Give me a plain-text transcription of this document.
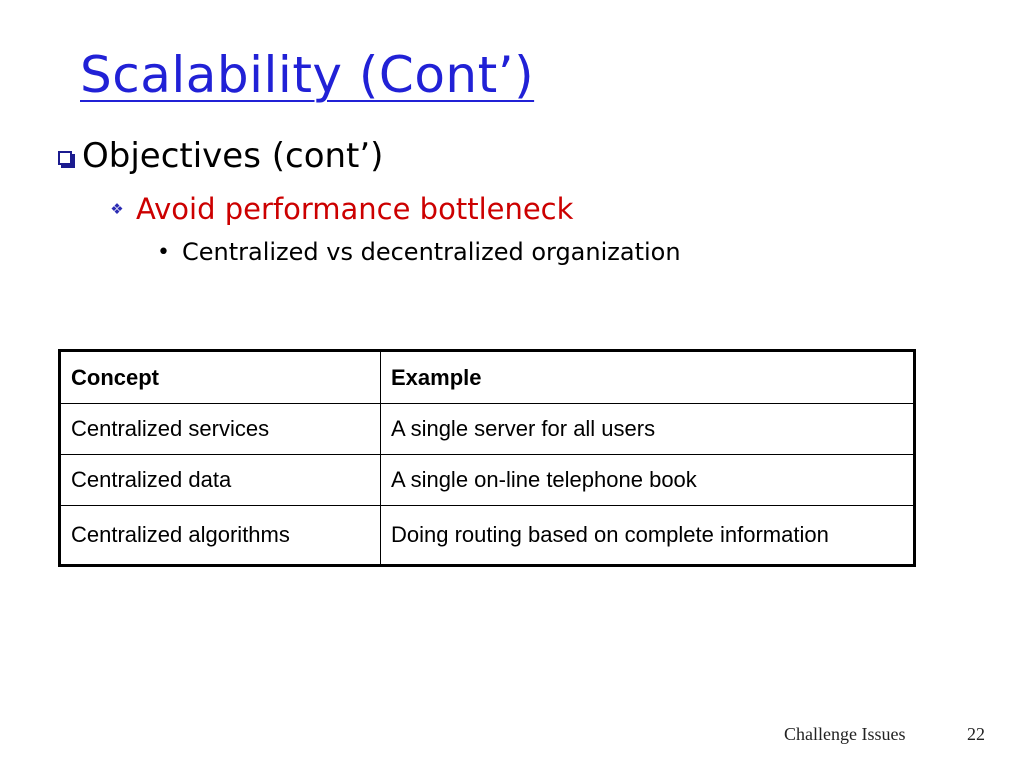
Scalability (Cont’)
Objectives (cont’)
❖ Avoid performance bottleneck
• Centralized vs decentralized organization
Concept	Example
Centralized services	A single server for all users
Centralized data	A single on-line telephone book
Centralized algorithms	Doing routing based on complete information
Challenge Issues	22
